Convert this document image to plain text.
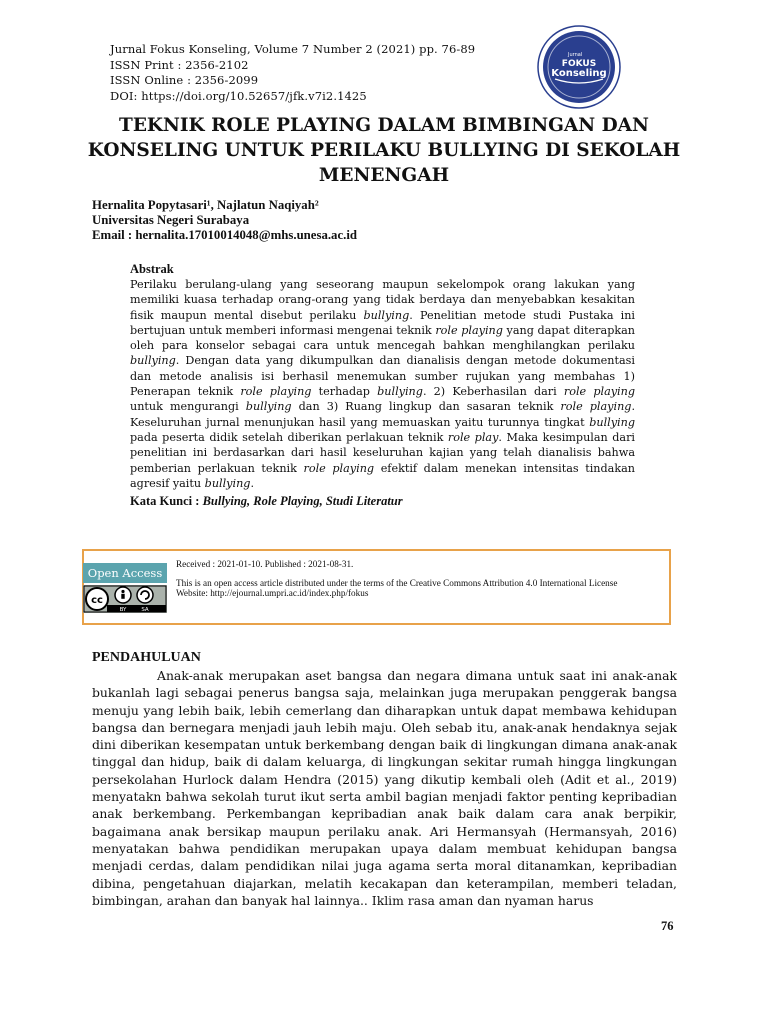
Jurnal Fokus Konseling, Volume 7 Number 2 (2021) pp. 76-89
ISSN Print : 2356-2102
ISSN Online : 2356-2099
DOI: https://doi.org/10.52657/jfk.v7i2.1425
Jurnal
FOKUS
Konseling
TEKNIK ROLE PLAYING DALAM BIMBINGAN DAN
KONSELING UNTUK PERILAKU BULLYING DI SEKOLAH
MENENGAH
Hernalita Popytasari¹, Najlatun Naqiyah²
Universitas Negeri Surabaya
Email : hernalita.17010014048@mhs.unesa.ac.id
Abstrak

Perilaku berulang-ulang yang seseorang maupun sekelompok orang lakukan yang memiliki kuasa terhadap orang-orang yang tidak berdaya dan menyebabkan kesakitan fisik maupun mental disebut perilaku bullying. Penelitian metode studi Pustaka ini bertujuan untuk memberi informasi mengenai teknik role playing yang dapat diterapkan oleh para konselor sebagai cara untuk mencegah bahkan menghilangkan perilaku bullying. Dengan data yang dikumpulkan dan dianalisis dengan metode dokumentasi dan metode analisis isi berhasil menemukan sumber rujukan yang membahas 1) Penerapan teknik role playing terhadap bullying. 2) Keberhasilan dari role playing untuk mengurangi bullying dan 3) Ruang lingkup dan sasaran teknik role playing. Keseluruhan jurnal menunjukan hasil yang memuaskan yaitu turunnya tingkat bullying pada peserta didik setelah diberikan perlakuan teknik role play. Maka kesimpulan dari penelitian ini berdasarkan dari hasil keseluruhan kajian yang telah dianalisis bahwa pemberian perlakuan teknik role playing efektif dalam menekan intensitas tindakan agresif yaitu bullying.

Kata Kunci : Bullying, Role Playing, Studi Literatur
Open Access
cc
BY	SA
Received : 2021-01-10. Published : 2021-08-31.
This is an open access article distributed under the terms of the Creative Commons Attribution 4.0 International License
Website: http://ejournal.umpri.ac.id/index.php/fokus
PENDAHULUAN

Anak-anak merupakan aset bangsa dan negara dimana untuk saat ini anak-anak bukanlah lagi sebagai penerus bangsa saja, melainkan juga merupakan penggerak bangsa menuju yang lebih baik, lebih cemerlang dan diharapkan untuk dapat membawa kehidupan bangsa dan bernegara menjadi jauh lebih maju. Oleh sebab itu, anak-anak hendaknya sejak dini diberikan kesempatan untuk berkembang dengan baik di lingkungan dimana anak-anak tinggal dan hidup, baik di dalam keluarga, di lingkungan sekitar rumah hingga lingkungan persekolahan Hurlock dalam Hendra (2015) yang dikutip kembali oleh (Adit et al., 2019) menyatakn bahwa sekolah turut ikut serta ambil bagian menjadi faktor penting kepribadian anak berkembang. Perkembangan kepribadian anak baik dalam cara anak berpikir, bagaimana anak bersikap maupun perilaku anak. Ari Hermansyah (Hermansyah, 2016) menyatakan bahwa pendidikan merupakan upaya dalam membuat kehidupan bangsa menjadi cerdas, dalam pendidikan nilai juga agama serta moral ditanamkan, kepribadian dibina, pengetahuan diajarkan, melatih kecakapan dan keterampilan, memberi teladan, bimbingan, arahan dan banyak hal lainnya.. Iklim rasa aman dan nyaman harus

76
